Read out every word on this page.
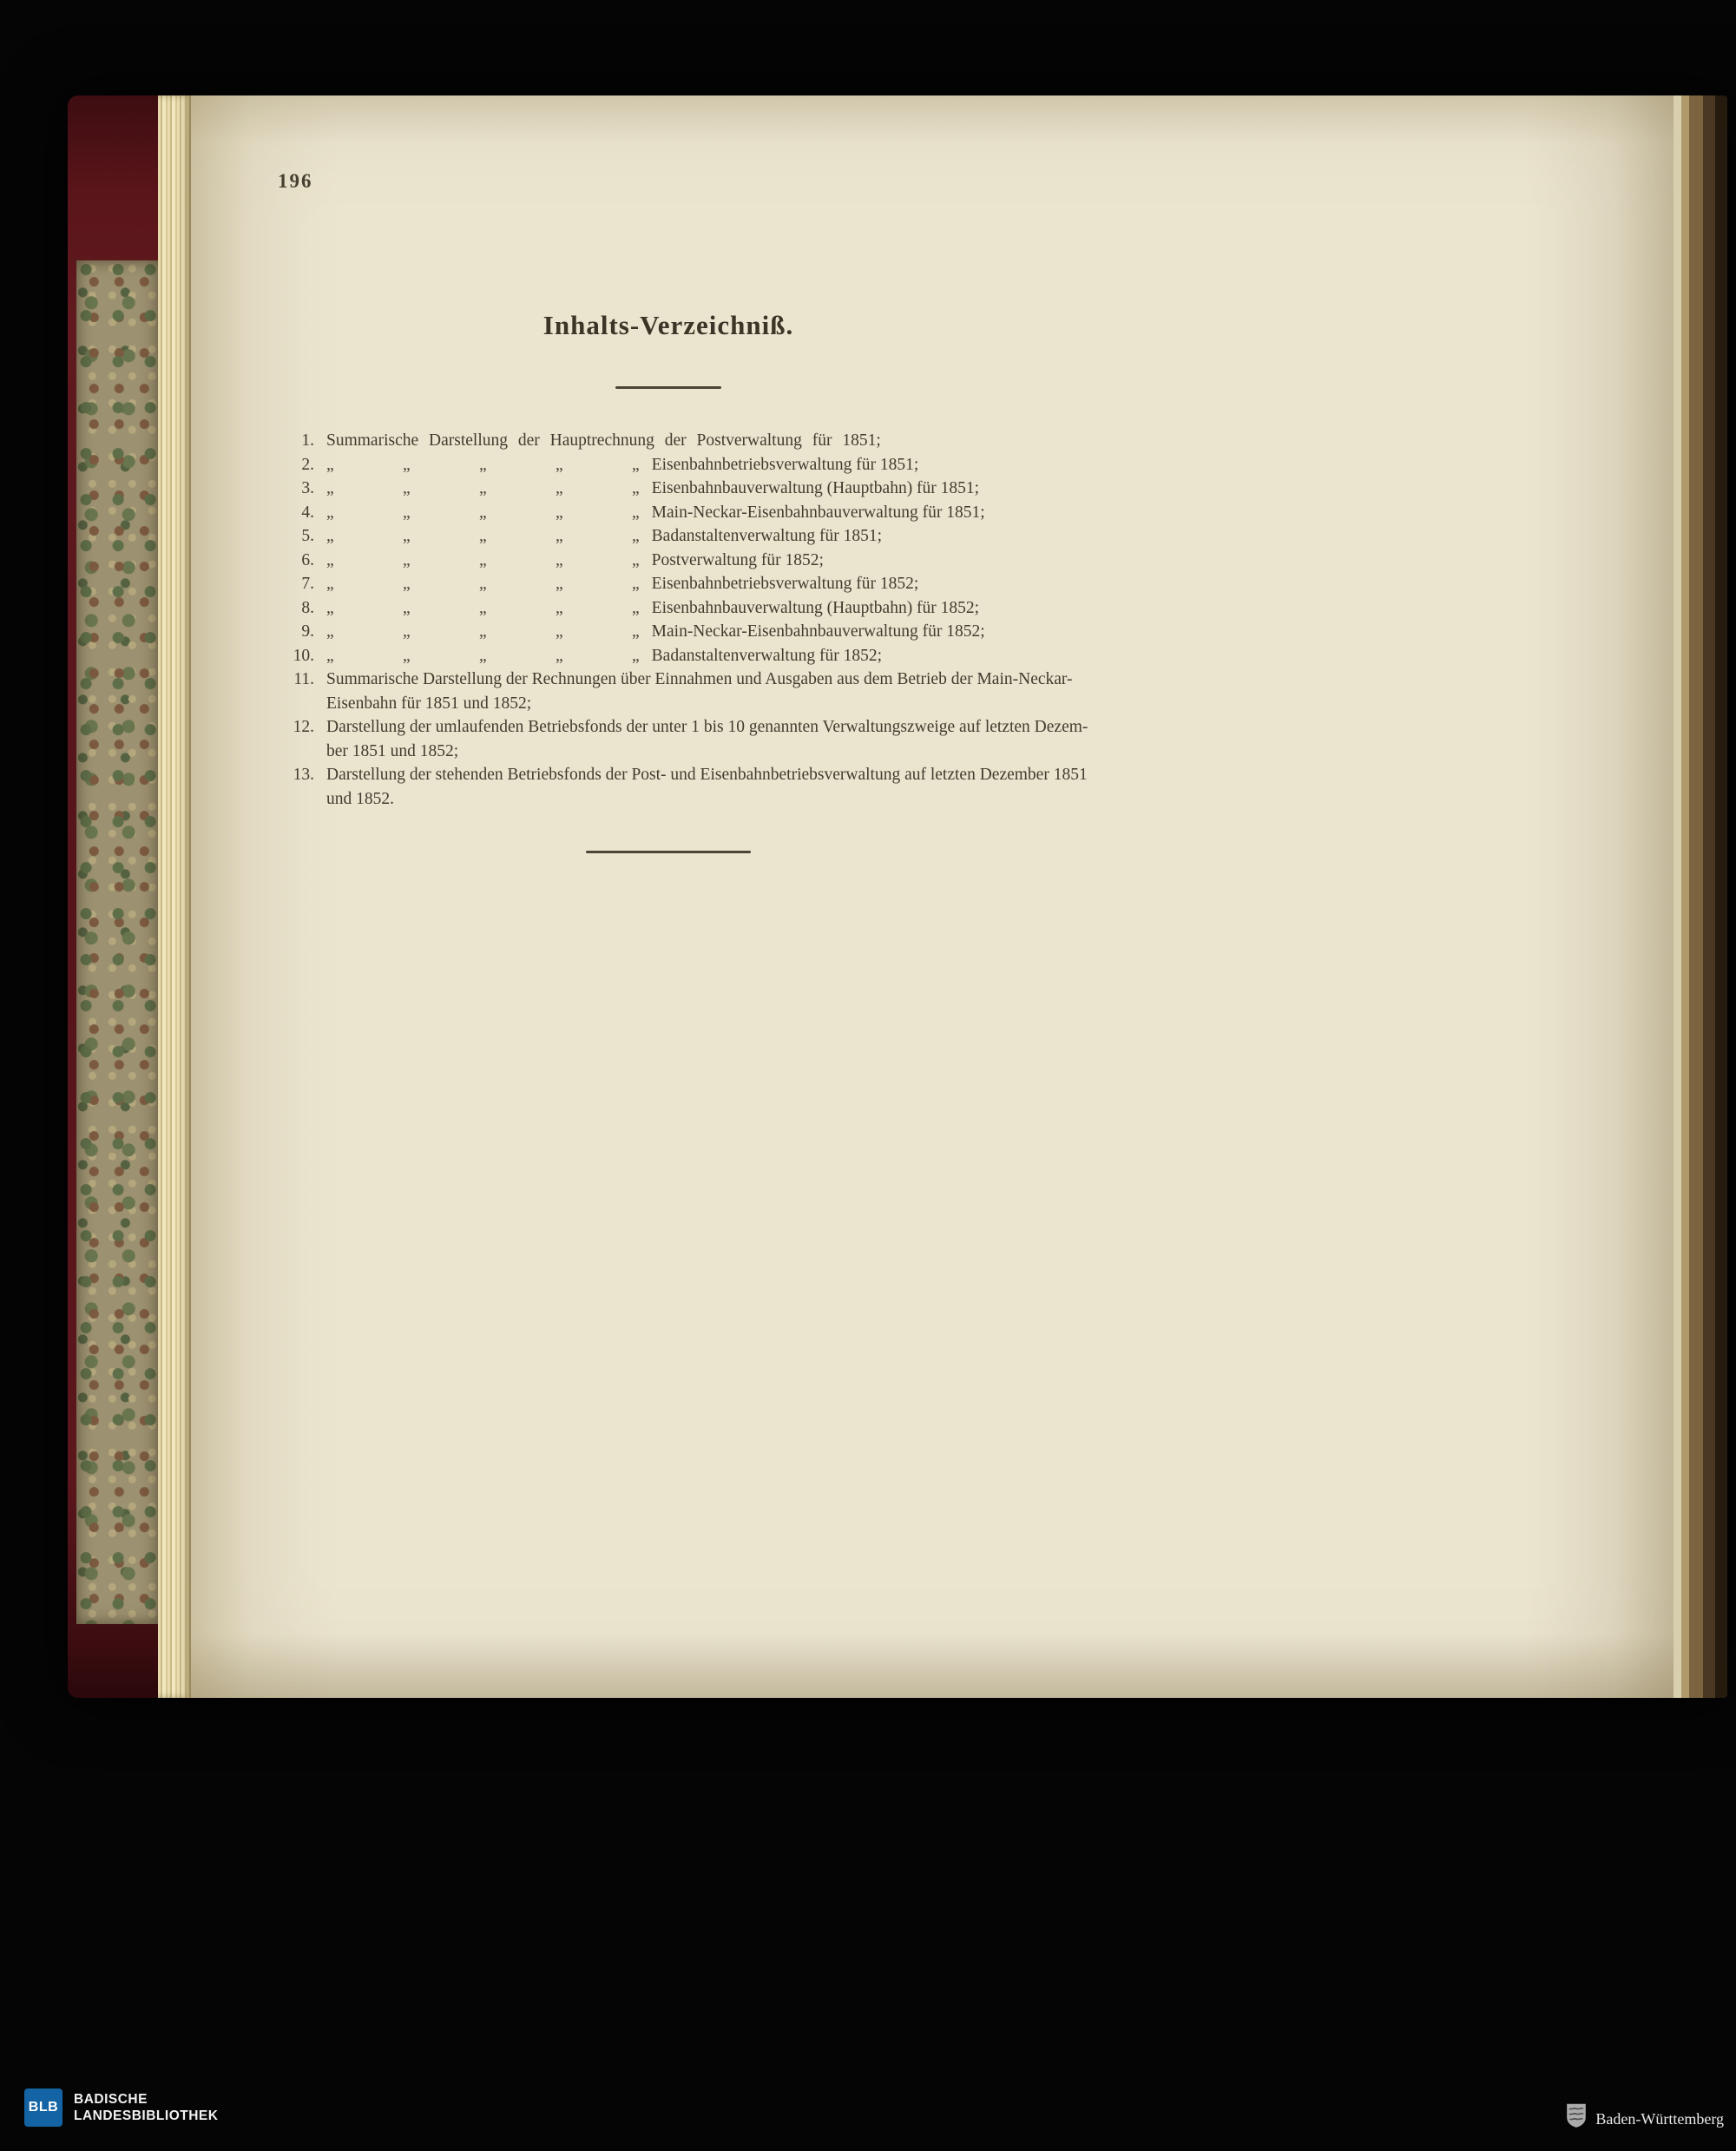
196
Inhalts-Verzeichniß.
1. Summarische Darstellung der Hauptrechnung der Postverwaltung für 1851;
2. „	„	„	„	„ Eisenbahnbetriebsverwaltung für 1851;
3. „	„	„	„	„ Eisenbahnbauverwaltung (Hauptbahn) für 1851;
4. „	„	„	„	„ Main-Neckar-Eisenbahnbauverwaltung für 1851;
5. „	„	„	„	„ Badanstaltenverwaltung für 1851;
6. „	„	„	„	„ Postverwaltung für 1852;
7. „	„	„	„	„ Eisenbahnbetriebsverwaltung für 1852;
8. „	„	„	„	„ Eisenbahnbauverwaltung (Hauptbahn) für 1852;
9. „	„	„	„	„ Main-Neckar-Eisenbahnbauverwaltung für 1852;
10. „	„	„	„	„ Badanstaltenverwaltung für 1852;
11. Summarische Darstellung der Rechnungen über Einnahmen und Ausgaben aus dem Betrieb der Main-Neckar-
Eisenbahn für 1851 und 1852;
12. Darstellung der umlaufenden Betriebsfonds der unter 1 bis 10 genannten Verwaltungszweige auf letzten Dezem-
ber 1851 und 1852;
13. Darstellung der stehenden Betriebsfonds der Post- und Eisenbahnbetriebsverwaltung auf letzten Dezember 1851
und 1852.
BLB
BADISCHE
LANDESBIBLIOTHEK	Baden-Württemberg
